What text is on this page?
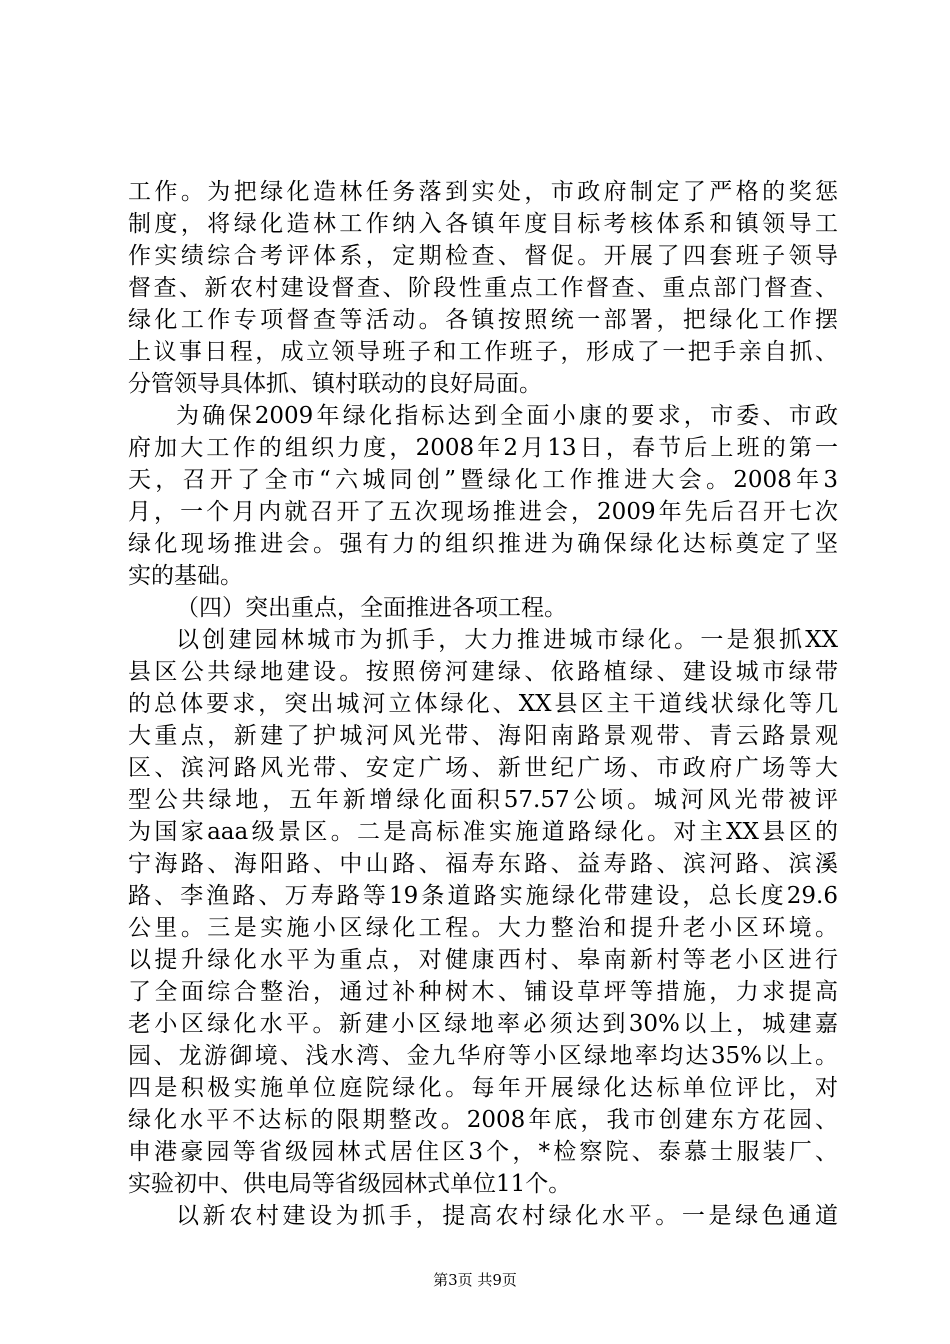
工作。为把绿化造林任务落到实处，市政府制定了严格的奖惩
制度，将绿化造林工作纳入各镇年度目标考核体系和镇领导工
作实绩综合考评体系，定期检查、督促。开展了四套班子领导
督查、新农村建设督查、阶段性重点工作督查、重点部门督查、
绿化工作专项督查等活动。各镇按照统一部署，把绿化工作摆
上议事日程，成立领导班子和工作班子，形成了一把手亲自抓、
分管领导具体抓、镇村联动的良好局面。
为确保2009年绿化指标达到全面小康的要求，市委、市政
府加大工作的组织力度，2008年2月13日，春节后上班的第一
天，召开了全市“六城同创”暨绿化工作推进大会。2008年3
月，一个月内就召开了五次现场推进会，2009年先后召开七次
绿化现场推进会。强有力的组织推进为确保绿化达标奠定了坚
实的基础。
（四）突出重点，全面推进各项工程。
以创建园林城市为抓手，大力推进城市绿化。一是狠抓XX
县区公共绿地建设。按照傍河建绿、依路植绿、建设城市绿带
的总体要求，突出城河立体绿化、XX县区主干道线状绿化等几
大重点，新建了护城河风光带、海阳南路景观带、青云路景观
区、滨河路风光带、安定广场、新世纪广场、市政府广场等大
型公共绿地，五年新增绿化面积57.57公顷。城河风光带被评
为国家aaa级景区。二是高标准实施道路绿化。对主XX县区的
宁海路、海阳路、中山路、福寿东路、益寿路、滨河路、滨溪
路、李渔路、万寿路等19条道路实施绿化带建设，总长度29.6
公里。三是实施小区绿化工程。大力整治和提升老小区环境。
以提升绿化水平为重点，对健康西村、皋南新村等老小区进行
了全面综合整治，通过补种树木、铺设草坪等措施，力求提高
老小区绿化水平。新建小区绿地率必须达到30%以上，城建嘉
园、龙游御境、浅水湾、金九华府等小区绿地率均达35%以上。
四是积极实施单位庭院绿化。每年开展绿化达标单位评比，对
绿化水平不达标的限期整改。2008年底，我市创建东方花园、
申港豪园等省级园林式居住区3个，*检察院、泰慕士服装厂、
实验初中、供电局等省级园林式单位11个。
以新农村建设为抓手，提高农村绿化水平。一是绿色通道
第3页 共9页
